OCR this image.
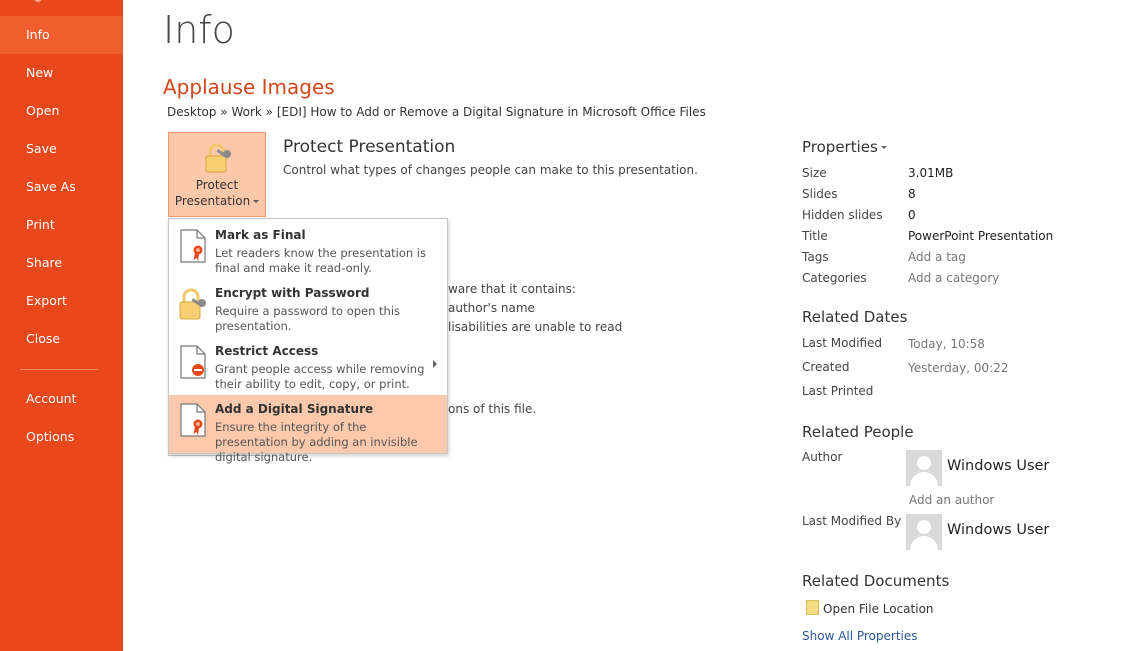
Info
New
Open
Save
Save As
Print
Share
Export
Close
Account
Options
Info
Applause Images
Desktop » Work » [EDI] How to Add or Remove a Digital Signature in Microsoft Office Files
Protect
Presentation
Protect Presentation
Control what types of changes people can make to this presentation.
ware that it contains:
author's name
lisabilities are unable to read
ons of this file.
Mark as Final
Let readers know the presentation is final and make it read-only.
Encrypt with Password
Require a password to open this presentation.
Restrict Access
Grant people access while removing their ability to edit, copy, or print.
Add a Digital Signature
Ensure the integrity of the presentation by adding an invisible digital signature.
Properties
Size	3.01MB
Slides	8
Hidden slides 0
Title	PowerPoint Presentation
Tags	Add a tag
Categories	Add a category
Related Dates
Last Modified Today, 10:58
Created	Yesterday, 00:22
Last Printed
Related People
Author
Windows User
Add an author
Last Modified By
Windows User
Related Documents
Open File Location
Show All Properties
